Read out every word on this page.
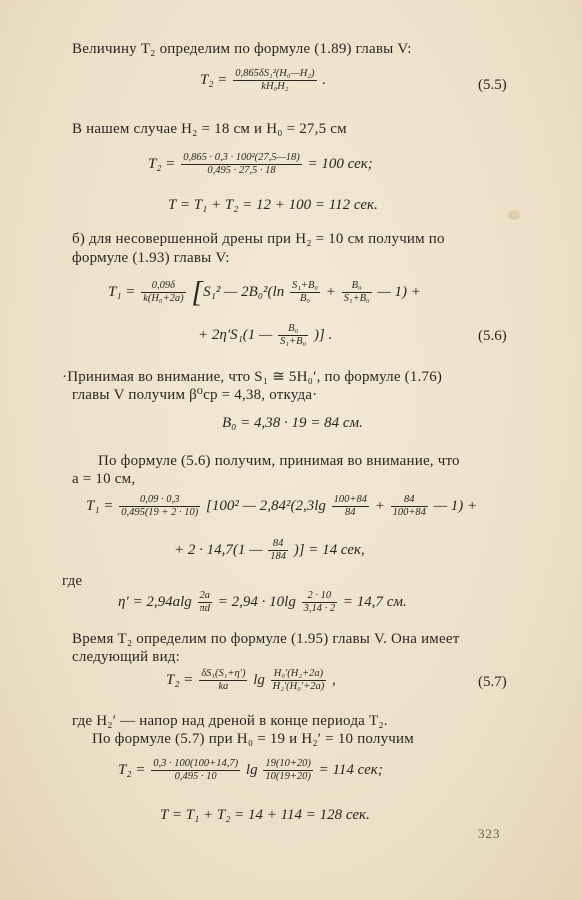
Величину T₂ определим по формуле (1.89) главы V:
$T_2 = \frac{\text{0,865δS₁²(H₀—H₂)}}{\text{kH₀H₂}}$ .	(5.5)
В нашем случае H₂ = 18 см и H₀ = 27,5 см
$T_2 = \frac{\text{0,865 · 0,3 · 100²(27,5—18)}}{0,495 \cdot 27,5 \cdot 18} = 100$ сек;
T = T₁ + T₂ = 12 + 100 = 112 сек.
б) для несовершенной дрены при H₂ = 10 см получим по
формуле (1.93) главы V:
$T_1 = \frac{0,09\delta}{\text{k(H₀+2a)}} [S_1^2$ — $2B_0^2(\ln \frac{\text{S₁+B₀}}{\text{B₀}} + \frac{\text{B₀}}{\text{S₁+B₀}}$ — 1) +
+ 2η′S₁(1 — $\frac{\text{B₀}}{\text{S₁+B₀}}$ )] .	(5.6)
·Принимая во внимание, что S₁ ≅ 5H₀′, по формуле (1.76)
главы V получим β⁰ср = 4,38, откуда·
B₀ = 4,38 · 19 = 84 см.
По формуле (5.6) получим, принимая во внимание, что
a = 10 см,
$T_1 = \frac{0,09 \cdot 0,3}{0,495(19 + 2 \cdot 10)} [100^2$ — $2,84^2(2,3\lg \frac{100+84}{84} + \frac{84}{100+84}$ — 1) +
+ 2 · 14,7(1 — $\frac{84}{184}$ )] = 14 сек,
где
$\eta' = 2,94alg \frac{2a}{\pi d} = 2,94 \cdot 10\lg \frac{2 \cdot 10}{3,14 \cdot 2} = 14,7$ см.
Время T₂ определим по формуле (1.95) главы V. Она имеет
следующий вид:
$T_2 = \frac{\text{δS₁(S₁+η′)}}{ka}$ $\lg \frac{\text{H₀′(H₂+2a)}}{\text{H₂′(H₀′+2a)}}$ ,	(5.7)
где H₂′ — напор над дреной в конце периода T₂.
По формуле (5.7) при H₀ = 19 и H₂′ = 10 получим
$T_2 = \frac{0,3 \cdot 100(100+14,7)}{0,495 \cdot 10}$ $\lg \frac{19(10+20)}{10(19+20)} = 114$ сек;
T = T₁ + T₂ = 14 + 114 = 128 сек.
323
